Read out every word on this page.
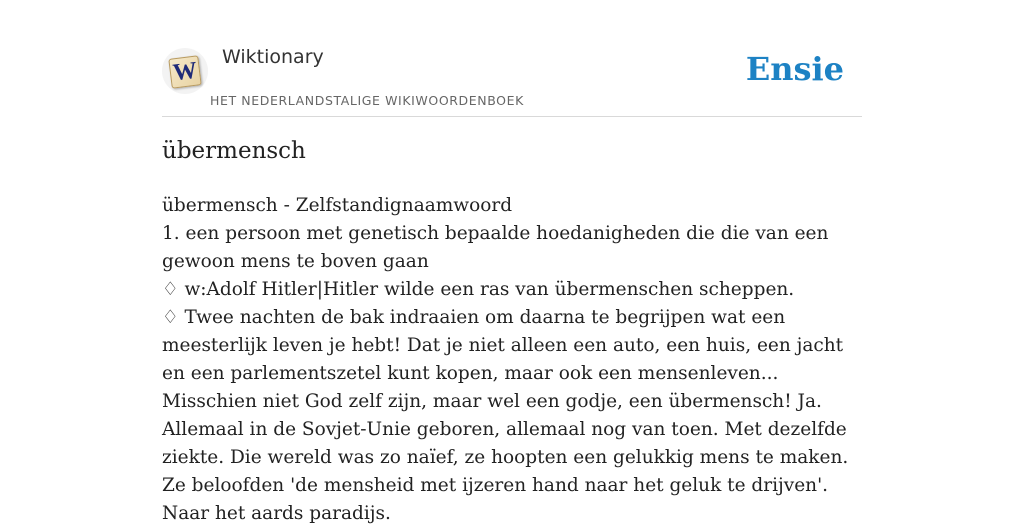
W
Wiktionary
HET NEDERLANDSTALIGE WIKIWOORDENBOEK
Ensie
übermensch

übermensch - Zelfstandignaamwoord

1. een persoon met genetisch bepaalde hoedanigheden die die van een gewoon mens te boven gaan

♢ w:Adolf Hitler|Hitler wilde een ras van übermenschen scheppen.

♢ Twee nachten de bak indraaien om daarna te begrijpen wat een meesterlijk leven je hebt! Dat je niet alleen een auto, een huis, een jacht en een parlementszetel kunt kopen, maar ook een mensenleven... Misschien niet God zelf zijn, maar wel een godje, een übermensch! Ja. Allemaal in de Sovjet-Unie geboren, allemaal nog van toen. Met dezelfde ziekte. Die wereld was zo naïef, ze hoopten een gelukkig mens te maken. Ze beloofden 'de mensheid met ijzeren hand naar het geluk te drijven'. Naar het aards paradijs.
